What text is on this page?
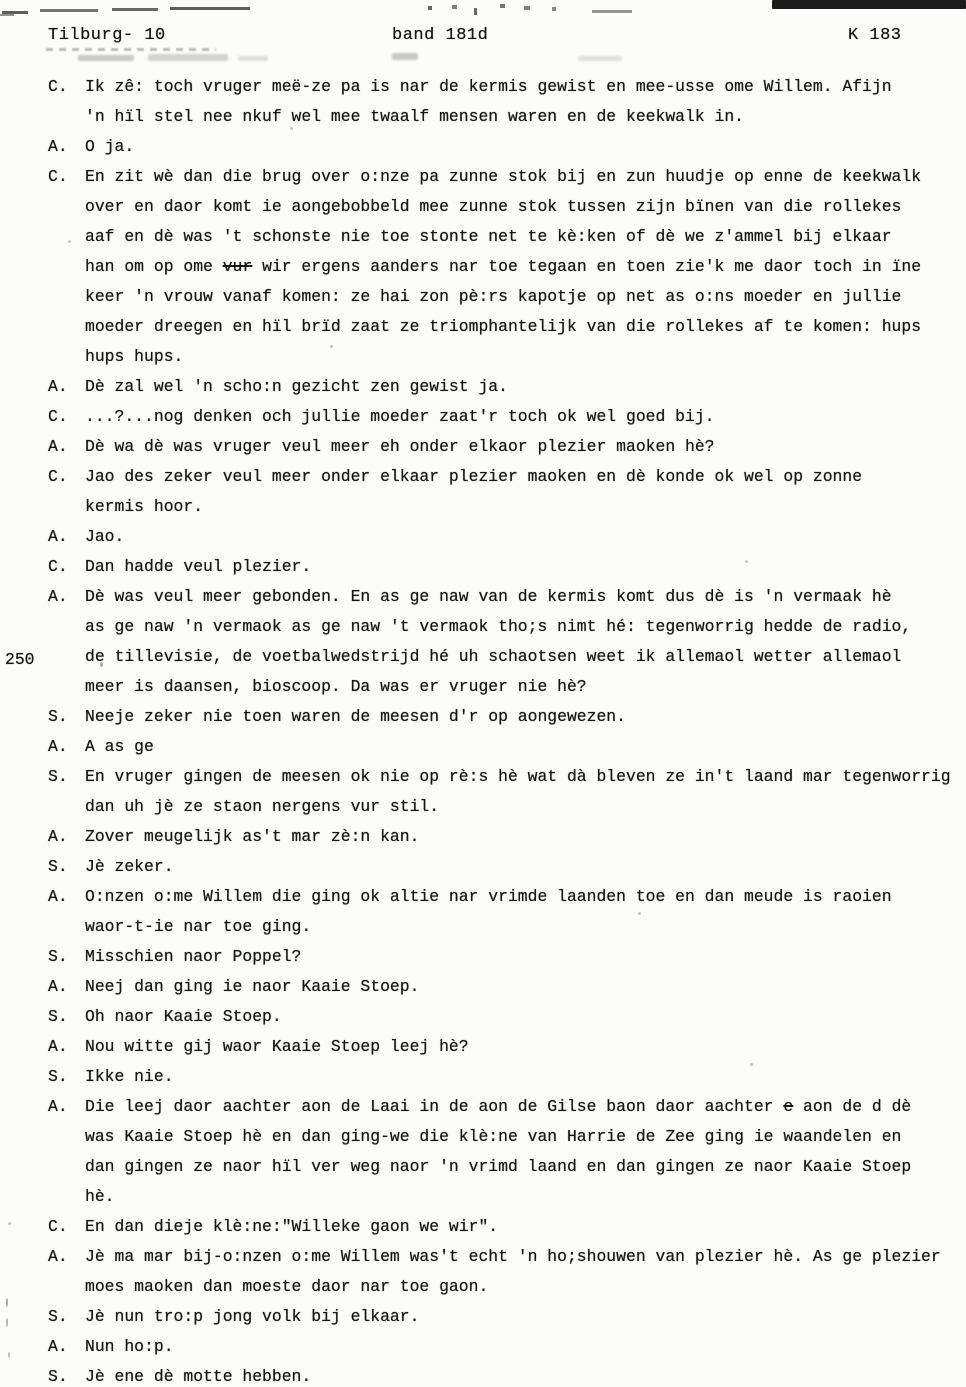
Tilburg- 10	band 181d	K 183
250
C. Ik zê: toch vruger meë-ze pa is nar de kermis gewist en mee-usse ome Willem. Afijn
'n hïl stel nee nkuf wel mee twaalf mensen waren en de keekwalk in.
A. O ja.
C. En zit wè dan die brug over o:nze pa zunne stok bij en zun huudje op enne de keekwalk
over en daor komt ie aongebobbeld mee zunne stok tussen zijn bïnen van die rollekes
aaf en dè was 't schonste nie toe stonte net te kè:ken of dè we z'ammel bij elkaar
han om op ome vur wir ergens aanders nar toe tegaan en toen zie'k me daor toch in ïne
keer 'n vrouw vanaf komen: ze hai zon pè:rs kapotje op net as o:ns moeder en jullie
moeder dreegen en hïl brïd zaat ze triomphantelijk van die rollekes af te komen: hups
hups hups.
A. Dè zal wel 'n scho:n gezicht zen gewist ja.
C. ...?...nog denken och jullie moeder zaat'r toch ok wel goed bij.
A. Dè wa dè was vruger veul meer eh onder elkaor plezier maoken hè?
C. Jao des zeker veul meer onder elkaar plezier maoken en dè konde ok wel op zonne
kermis hoor.
A. Jao.
C. Dan hadde veul plezier.
A. Dè was veul meer gebonden. En as ge naw van de kermis komt dus dè is 'n vermaak hè
as ge naw 'n vermaok as ge naw 't vermaok tho;s nimt hé: tegenworrig hedde de radio,
de tillevisie, de voetbalwedstrijd hé uh schaotsen weet ik allemaol wetter allemaol
meer is daansen, bioscoop. Da was er vruger nie hè?
S. Neeje zeker nie toen waren de meesen d'r op aongewezen.
A. A as ge
S. En vruger gingen de meesen ok nie op rè:s hè wat dà bleven ze in't laand mar tegenworrig
dan uh jè ze staon nergens vur stil.
A. Zover meugelijk as't mar zè:n kan.
S. Jè zeker.
A. O:nzen o:me Willem die ging ok altie nar vrimde laanden toe en dan meude is raoien
waor-t-ie nar toe ging.
S. Misschien naor Poppel?
A. Neej dan ging ie naor Kaaie Stoep.
S. Oh naor Kaaie Stoep.
A. Nou witte gij waor Kaaie Stoep leej hè?
S. Ikke nie.
A. Die leej daor aachter aon de Laai in de aon de Gilse baon daor aachter e aon de d dè
was Kaaie Stoep hè en dan ging-we die klè:ne van Harrie de Zee ging ie waandelen en
dan gingen ze naor hïl ver weg naor 'n vrimd laand en dan gingen ze naor Kaaie Stoep
hè.
C. En dan dieje klè:ne:"Willeke gaon we wir".
A. Jè ma mar bij-o:nzen o:me Willem was't echt 'n ho;shouwen van plezier hè. As ge plezier
moes maoken dan moeste daor nar toe gaon.
S. Jè nun tro:p jong volk bij elkaar.
A. Nun ho:p.
S. Jè ene dè motte hebben.
